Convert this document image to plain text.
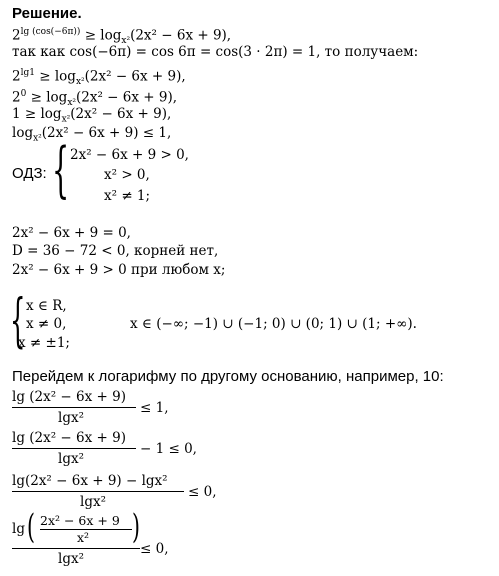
Решение.
$2^{lg (cos(-6\pi))} \ge \log_{x^2}(2x^2 - 6x + 9)$,
так как cos(−6π) = cos 6π = cos(3 · 2π) = 1, то получаем:
$2^{lg1} \ge \log_{x^2}(2x^2 - 6x + 9)$,
$2^0 \ge \log_{x^2}(2x^2 - 6x + 9)$,
$1 \ge \log_{x^2}(2x^2 - 6x + 9)$,
$\log_{x^2}(2x^2 - 6x + 9) \le 1$,
ОДЗ: { 2x² − 6x + 9 > 0,
x² > 0,
x² ≠ 1;
2x² − 6x + 9 = 0,
D = 36 − 72 < 0, корней нет,
2x² − 6x + 9 > 0 при любом x;
{ x ∈ R,
x ≠ 0,
x ≠ ±1;
x ∈ (−∞; −1) ∪ (−1; 0) ∪ (0; 1) ∪ (1; +∞).
Перейдем к логарифму по другому основанию, например, 10:
lg (2x² − 6x + 9)
lgx²
≤ 1,
lg (2x² − 6x + 9)
lgx²
− 1 ≤ 0,
lg(2x² − 6x + 9) − lgx²
lgx²
≤ 0,
lg ( 2x² − 6x + 9
x² )
lgx²
≤ 0,
